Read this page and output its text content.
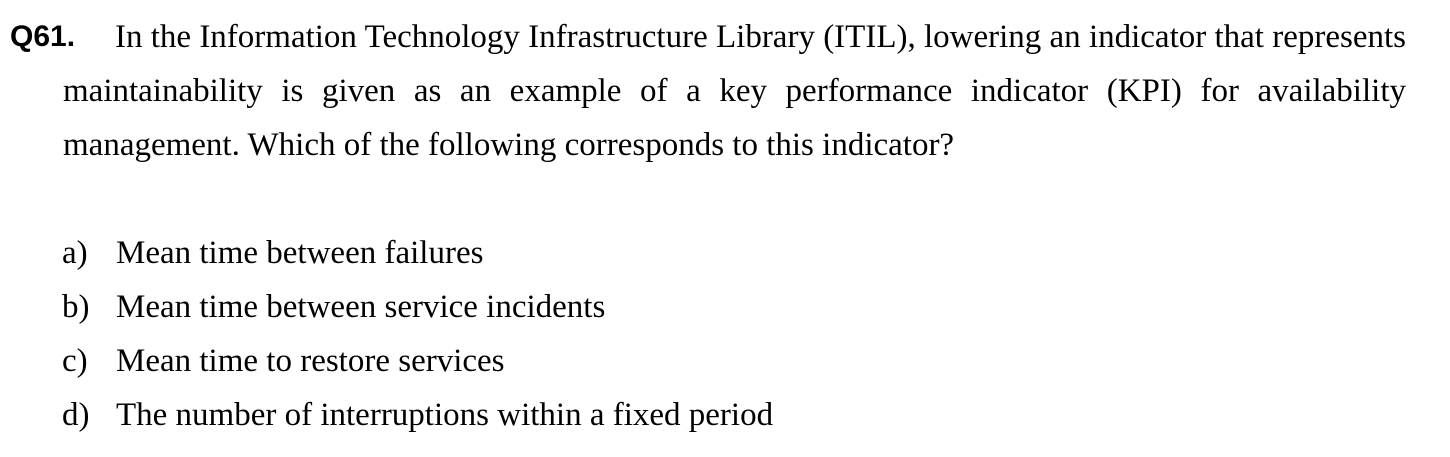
In the Information Technology Infrastructure Library (ITIL), lowering an indicator that represents maintainability is given as an example of a key performance indicator (KPI) for availability management. Which of the following corresponds to this indicator?

Q61.
a) Mean time between failures
b) Mean time between service incidents
c) Mean time to restore services
d) The number of interruptions within a fixed period
